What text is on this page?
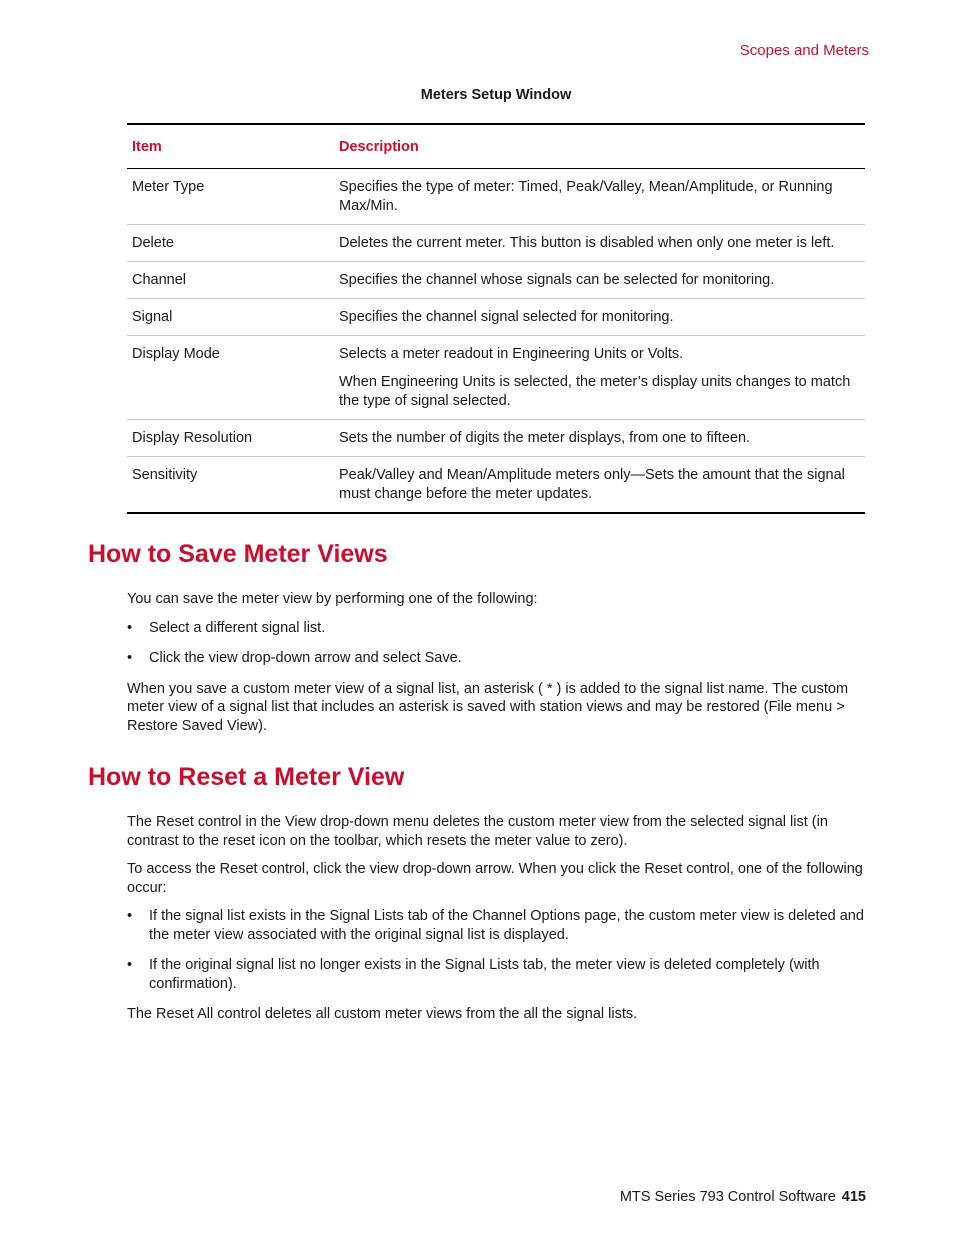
Scopes and Meters
Meters Setup Window
Item	Description
Meter Type	Specifies the type of meter: Timed, Peak/Valley, Mean/Amplitude, or Running Max/Min.

Delete	Deletes the current meter. This button is disabled when only one meter is left.

Channel	Specifies the channel whose signals can be selected for monitoring.

Signal	Specifies the channel signal selected for monitoring.

Display Mode	Selects a meter readout in Engineering Units or Volts.

When Engineering Units is selected, the meter’s display units changes to match the type of signal selected.

Display Resolution	Sets the number of digits the meter displays, from one to fifteen.

Sensitivity	Peak/Valley and Mean/Amplitude meters only—Sets the amount that the signal must change before the meter updates.

How to Save Meter Views

You can save the meter view by performing one of the following:

• Select a different signal list.
• Click the view drop-down arrow and select Save.

When you save a custom meter view of a signal list, an asterisk ( * ) is added to the signal list name. The custom meter view of a signal list that includes an asterisk is saved with station views and may be restored (File menu > Restore Saved View).

How to Reset a Meter View

The Reset control in the View drop-down menu deletes the custom meter view from the selected signal list (in contrast to the reset icon on the toolbar, which resets the meter value to zero).

To access the Reset control, click the view drop-down arrow. When you click the Reset control, one of the following occur:

• If the signal list exists in the Signal Lists tab of the Channel Options page, the custom meter view is deleted and the meter view associated with the original signal list is displayed.
• If the original signal list no longer exists in the Signal Lists tab, the meter view is deleted completely (with confirmation).

The Reset All control deletes all custom meter views from the all the signal lists.

MTS Series 793 Control Software 415
